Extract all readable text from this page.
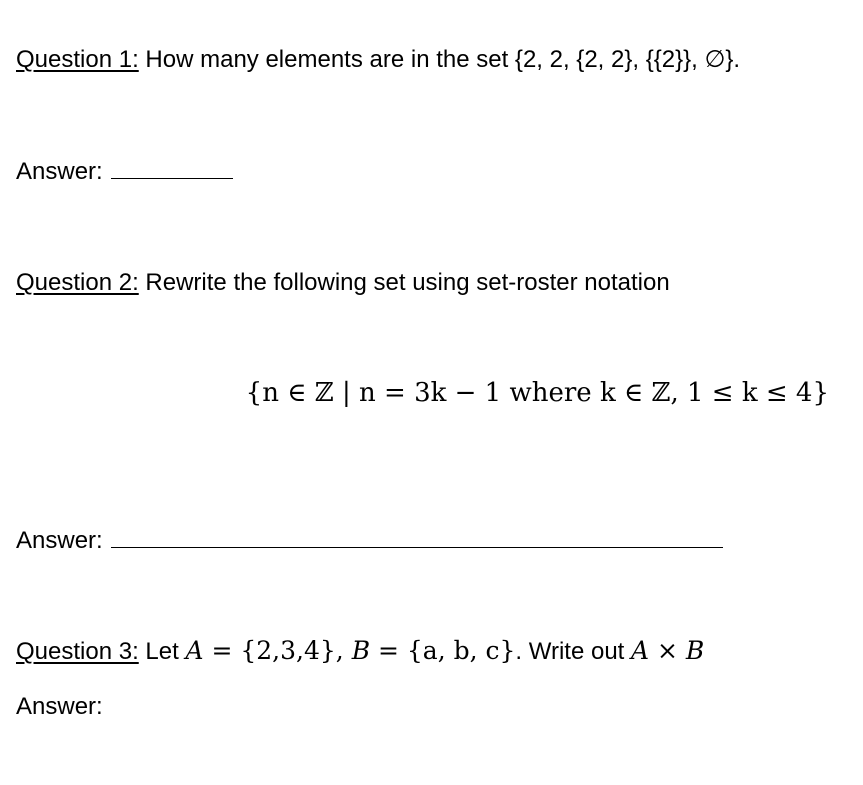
Question 1: How many elements are in the set {2, 2, {2, 2}, {{2}}, ∅}.
Answer:
Question 2: Rewrite the following set using set-roster notation
{n ∈ ℤ | n = 3k − 1 where k ∈ ℤ, 1 ≤ k ≤ 4}
Answer:
Question 3: Let A = {2,3,4}, B = {a, b, c}. Write out A × B
Answer:
